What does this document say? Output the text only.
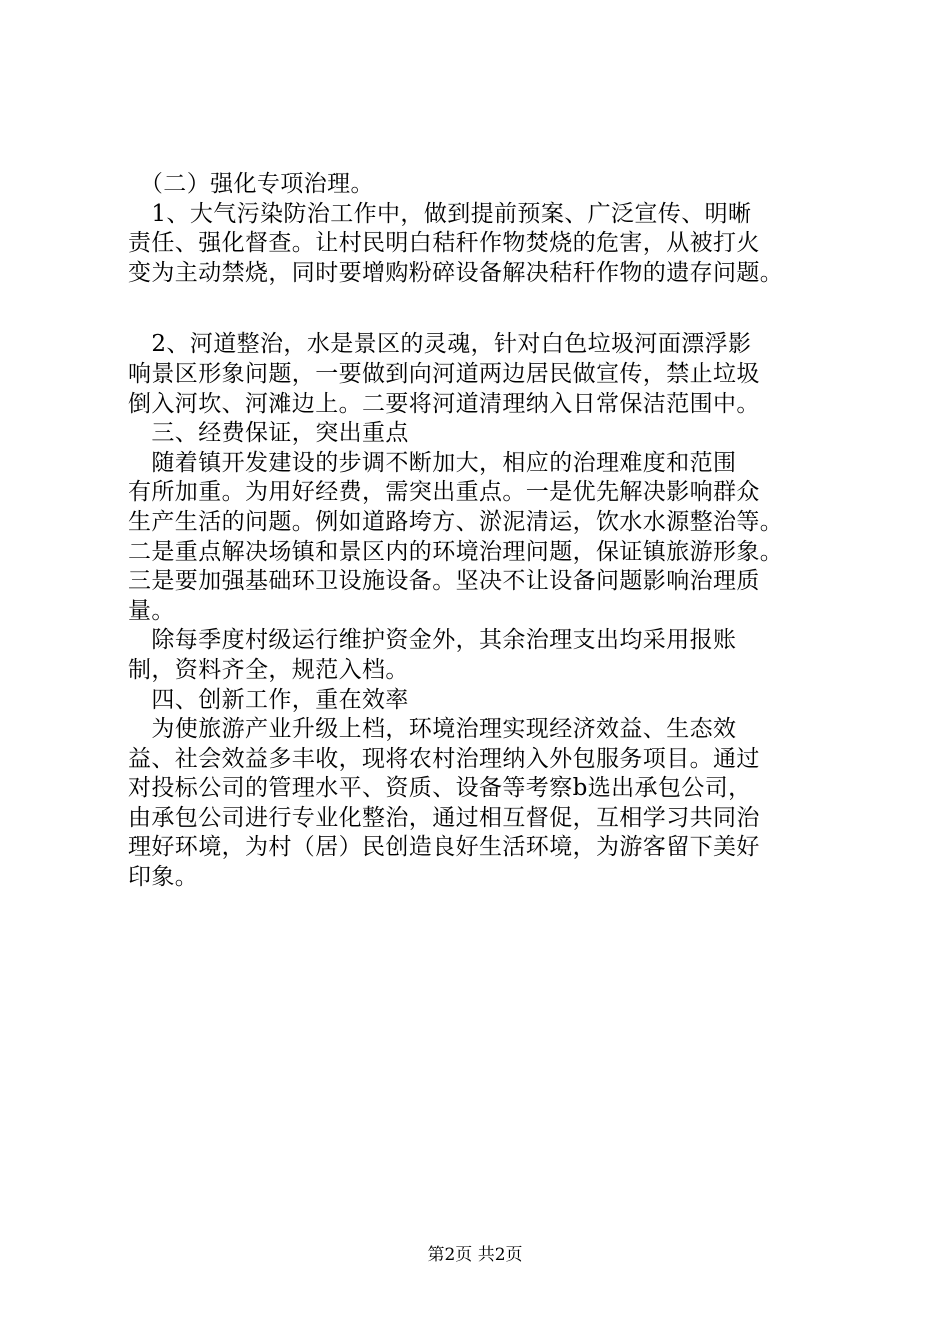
　（二）强化专项治理。
　1、大气污染防治工作中，做到提前预案、广泛宣传、明晰
责任、强化督查。让村民明白秸秆作物焚烧的危害，从被打火
变为主动禁烧，同时要增购粉碎设备解决秸秆作物的遗存问题。
　2、河道整治，水是景区的灵魂，针对白色垃圾河面漂浮影
响景区形象问题，一要做到向河道两边居民做宣传，禁止垃圾
倒入河坎、河滩边上。二要将河道清理纳入日常保洁范围中。
　三、经费保证，突出重点
　随着镇开发建设的步调不断加大，相应的治理难度和范围
有所加重。为用好经费，需突出重点。一是优先解决影响群众
生产生活的问题。例如道路垮方、淤泥清运，饮水水源整治等。
二是重点解决场镇和景区内的环境治理问题，保证镇旅游形象。
三是要加强基础环卫设施设备。坚决不让设备问题影响治理质
量。
　除每季度村级运行维护资金外，其余治理支出均采用报账
制，资料齐全，规范入档。
　四、创新工作，重在效率
　为使旅游产业升级上档，环境治理实现经济效益、生态效
益、社会效益多丰收，现将农村治理纳入外包服务项目。通过
对投标公司的管理水平、资质、设备等考察b选出承包公司，
由承包公司进行专业化整治，通过相互督促，互相学习共同治
理好环境，为村（居）民创造良好生活环境，为游客留下美好
印象。
第2页 共2页
